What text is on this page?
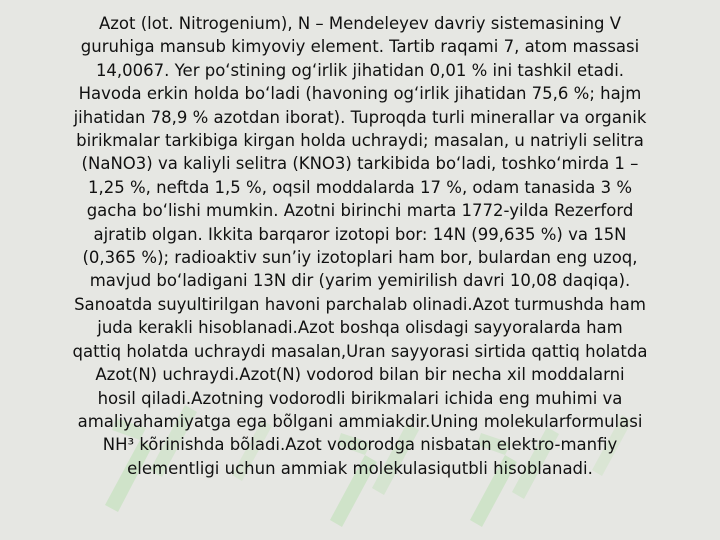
Azot (lot. Nitrogenium), N – Mendeleyev davriy sistemasining V
guruhiga mansub kimyoviy element. Tartib raqami 7, atom massasi
14,0067. Yer poʻstining ogʻirlik jihatidan 0,01 % ini tashkil etadi.
Havoda erkin holda boʻladi (havoning ogʻirlik jihatidan 75,6 %; hajm
jihatidan 78,9 % azotdan iborat). Tuproqda turli minerallar va organik
birikmalar tarkibiga kirgan holda uchraydi; masalan, u natriyli selitra
(NaNO3) va kaliyli selitra (KNO3) tarkibida boʻladi, toshkoʻmirda 1 –
1,25 %, neftda 1,5 %, oqsil moddalarda 17 %, odam tanasida 3 %
gacha boʻlishi mumkin. Azotni birinchi marta 1772-yilda Rezerford
ajratib olgan. Ikkita barqaror izotopi bor: 14N (99,635 %) va 15N
(0,365 %); radioaktiv sun’iy izotoplari ham bor, bulardan eng uzoq,
mavjud boʻladigani 13N dir (yarim yemirilish davri 10,08 daqiqa).
Sanoatda suyultirilgan havoni parchalab olinadi.Azot turmushda ham
juda kerakli hisoblanadi.Azot boshqa olisdagi sayyoralarda ham
qattiq holatda uchraydi masalan,Uran sayyorasi sirtida qattiq holatda
Azot(N) uchraydi.Azot(N) vodorod bilan bir necha xil moddalarni
hosil qiladi.Azotning vodorodli birikmalari ichida eng muhimi va
amaliyahamiyatga ega bõlgani ammiakdir.Uning molekularformulasi
NH³ kõrinishda bõladi.Azot vodorodga nisbatan elektro-manfiy
elementligi uchun ammiak molekulasiqutbli hisoblanadi.
